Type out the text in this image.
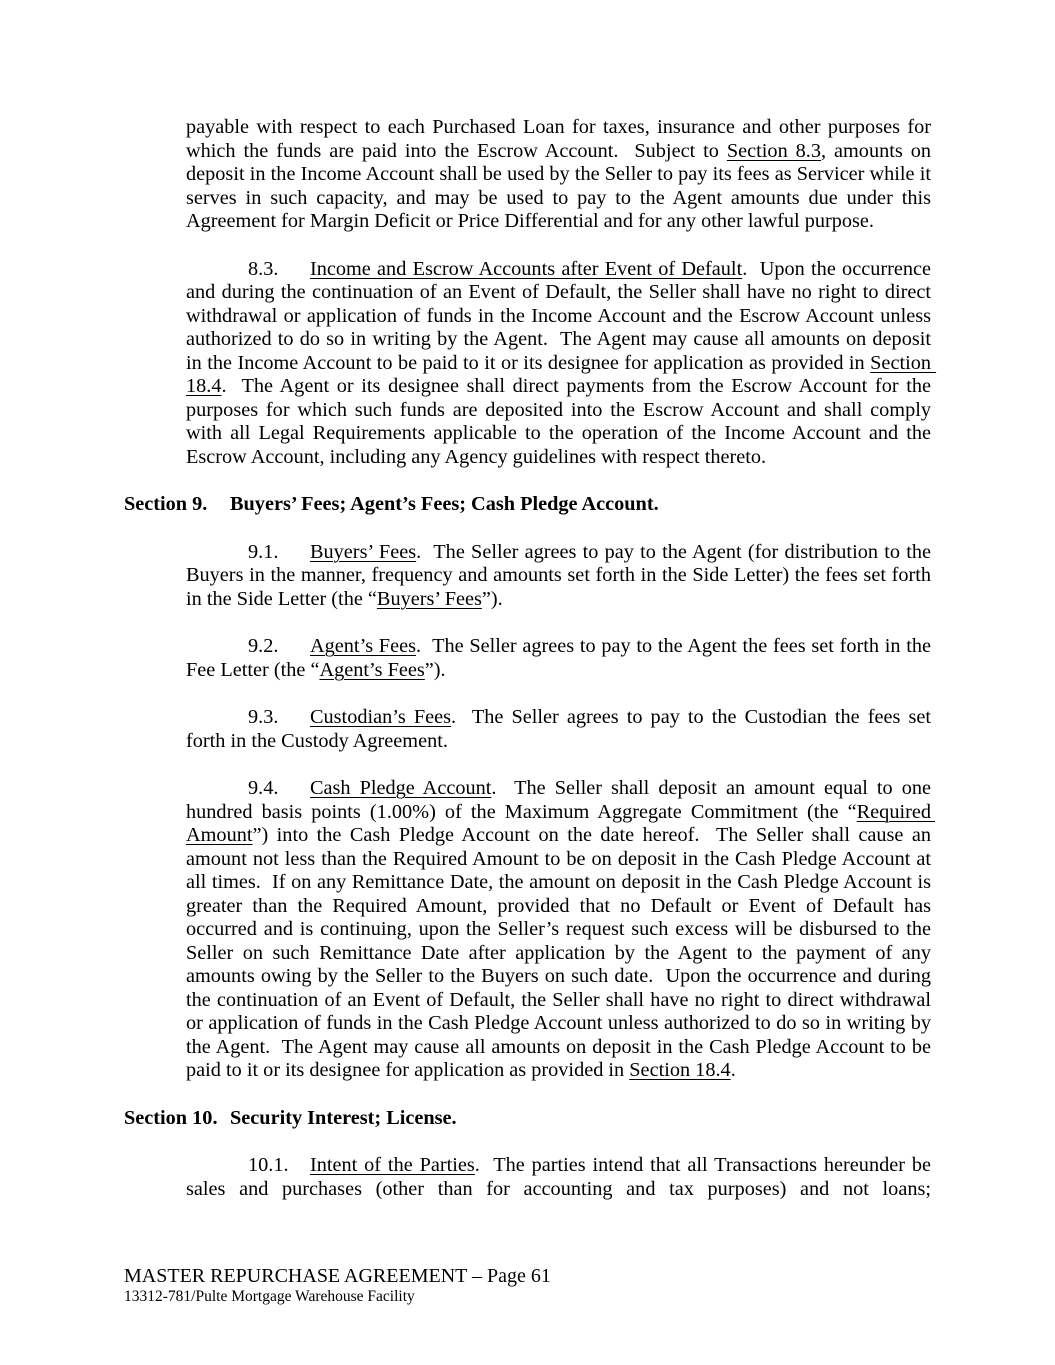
payable with respect to each Purchased Loan for taxes, insurance and other purposes for which the funds are paid into the Escrow Account.  Subject to Section 8.3, amounts on deposit in the Income Account shall be used by the Seller to pay its fees as Servicer while it serves in such capacity, and may be used to pay to the Agent amounts due under this Agreement for Margin Deficit or Price Differential and for any other lawful purpose.

8.3. Income and Escrow Accounts after Event of Default.  Upon the occurrence and during the continuation of an Event of Default, the Seller shall have no right to direct withdrawal or application of funds in the Income Account and the Escrow Account unless authorized to do so in writing by the Agent.  The Agent may cause all amounts on deposit in the Income Account to be paid to it or its designee for application as provided in Section 18.4.  The Agent or its designee shall direct payments from the Escrow Account for the purposes for which such funds are deposited into the Escrow Account and shall comply with all Legal Requirements applicable to the operation of the Income Account and the Escrow Account, including any Agency guidelines with respect thereto.

Section 9.	Buyers’ Fees; Agent’s Fees; Cash Pledge Account.

9.1. Buyers’ Fees.  The Seller agrees to pay to the Agent (for distribution to the Buyers in the manner, frequency and amounts set forth in the Side Letter) the fees set forth in the Side Letter (the “Buyers’ Fees”).

9.2. Agent’s Fees.  The Seller agrees to pay to the Agent the fees set forth in the Fee Letter (the “Agent’s Fees”).

9.3. Custodian’s Fees.  The Seller agrees to pay to the Custodian the fees set forth in the Custody Agreement.

9.4. Cash Pledge Account.  The Seller shall deposit an amount equal to one hundred basis points (1.00%) of the Maximum Aggregate Commitment (the “Required Amount”) into the Cash Pledge Account on the date hereof.  The Seller shall cause an amount not less than the Required Amount to be on deposit in the Cash Pledge Account at all times.  If on any Remittance Date, the amount on deposit in the Cash Pledge Account is greater than the Required Amount, provided that no Default or Event of Default has occurred and is continuing, upon the Seller’s request such excess will be disbursed to the Seller on such Remittance Date after application by the Agent to the payment of any amounts owing by the Seller to the Buyers on such date.  Upon the occurrence and during the continuation of an Event of Default, the Seller shall have no right to direct withdrawal or application of funds in the Cash Pledge Account unless authorized to do so in writing by the Agent.  The Agent may cause all amounts on deposit in the Cash Pledge Account to be paid to it or its designee for application as provided in Section 18.4.

Section 10. Security Interest; License.

10.1. Intent of the Parties.  The parties intend that all Transactions hereunder be sales and purchases (other than for accounting and tax purposes) and not loans;

MASTER REPURCHASE AGREEMENT – Page 61
13312-781/Pulte Mortgage Warehouse Facility
